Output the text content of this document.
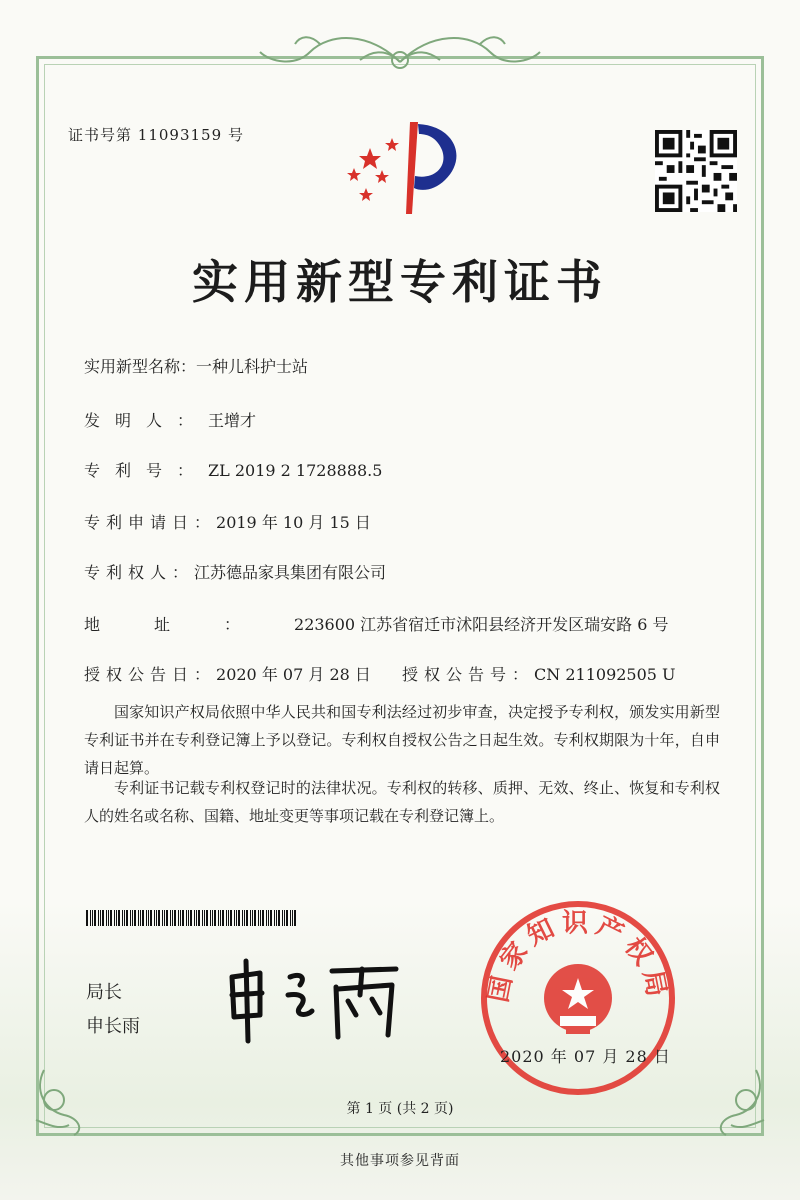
证书号第 11093159 号
实用新型专利证书
实用新型名称：一种儿科护士站
发明人：王增才
专利号：ZL 2019 2 1728888.5
专利申请日：2019 年 10 月 15 日
专利权人：江苏德品家具集团有限公司
地址：223600 江苏省宿迁市沭阳县经济开发区瑞安路 6 号
授权公告日：2020 年 07 月 28 日 授权公告号：CN 211092505 U
国家知识产权局依照中华人民共和国专利法经过初步审查，决定授予专利权，颁发实用新型专利证书并在专利登记簿上予以登记。专利权自授权公告之日起生效。专利权期限为十年，自申请日起算。
专利证书记载专利权登记时的法律状况。专利权的转移、质押、无效、终止、恢复和专利权人的姓名或名称、国籍、地址变更等事项记载在专利登记簿上。
局长
申长雨
国家知识产权局
2020 年 07 月 28 日
第 1 页 (共 2 页)
其他事项参见背面
